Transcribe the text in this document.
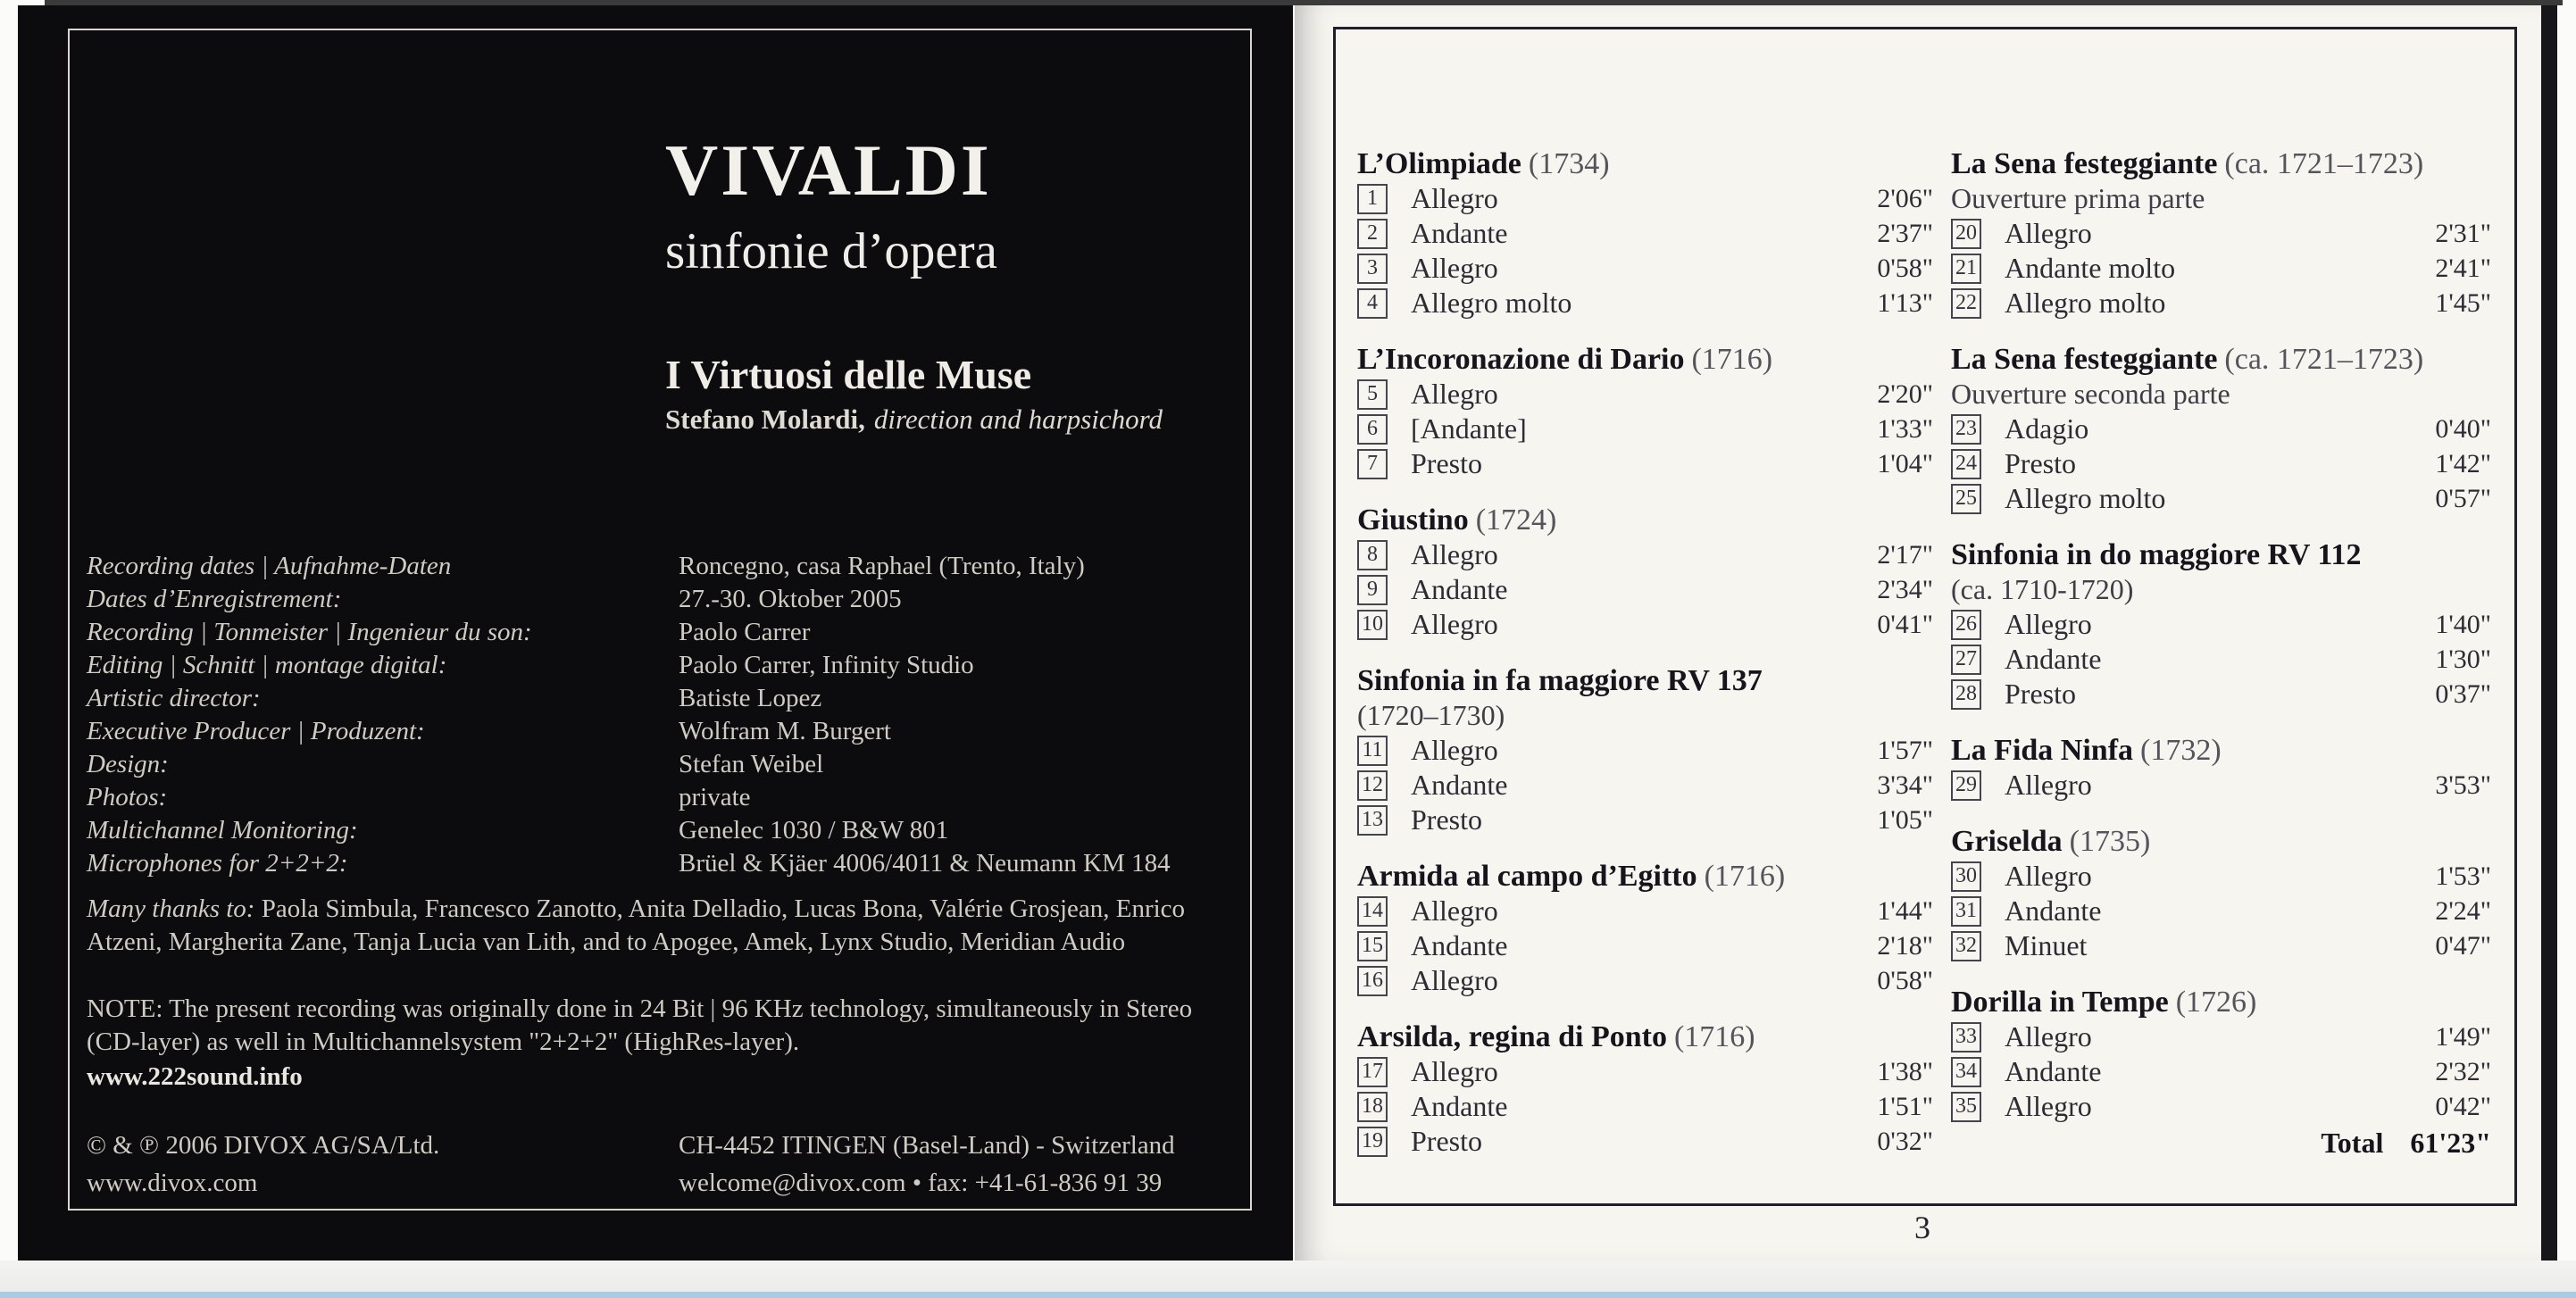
VIVALDI
sinfonie d’opera
I Virtuosi delle Muse
Stefano Molardi, direction and harpsichord
Recording dates | Aufnahme-Daten	Roncegno, casa Raphael (Trento, Italy)
Dates d’Enregistrement:	27.-30. Oktober 2005
Recording | Tonmeister | Ingenieur du son:	Paolo Carrer
Editing | Schnitt | montage digital:	Paolo Carrer, Infinity Studio
Artistic director:	Batiste Lopez
Executive Producer | Produzent:	Wolfram M. Burgert
Design:	Stefan Weibel
Photos:	private
Multichannel Monitoring:	Genelec 1030 / B&W 801
Microphones for 2+2+2:	Brüel & Kjäer 4006/4011 & Neumann KM 184
Many thanks to: Paola Simbula, Francesco Zanotto, Anita Delladio, Lucas Bona, Valérie Grosjean, Enrico Atzeni, Margherita Zane, Tanja Lucia van Lith, and to Apogee, Amek, Lynx Studio, Meridian Audio
NOTE: The present recording was originally done in 24 Bit | 96 KHz technology, simultaneously in Stereo (CD-layer) as well in Multichannelsystem "2+2+2" (HighRes-layer).
www.222sound.info
© & ℗ 2006 DIVOX AG/SA/Ltd.
www.divox.com
CH-4452 ITINGEN (Basel-Land) - Switzerland
welcome@divox.com • fax: +41-61-836 91 39
L’Olimpiade (1734)
1	Allegro	2'06"
2	Andante	2'37"
3	Allegro	0'58"
4	Allegro molto	1'13"
L’Incoronazione di Dario (1716)
5	Allegro	2'20"
6	[Andante]	1'33"
7	Presto	1'04"
Giustino (1724)
8	Allegro	2'17"
9	Andante	2'34"
10 Allegro	0'41"
Sinfonia in fa maggiore RV 137
(1720–1730)
11 Allegro	1'57"
12 Andante	3'34"
13 Presto	1'05"
Armida al campo d’Egitto (1716)
14 Allegro	1'44"
15 Andante	2'18"
16 Allegro	0'58"
Arsilda, regina di Ponto (1716)
17 Allegro	1'38"
18 Andante	1'51"
19 Presto	0'32"
La Sena festeggiante (ca. 1721–1723)
Ouverture prima parte
20 Allegro	2'31"
21 Andante molto	2'41"
22 Allegro molto	1'45"
La Sena festeggiante (ca. 1721–1723)
Ouverture seconda parte
23 Adagio	0'40"
24 Presto	1'42"
25 Allegro molto	0'57"
Sinfonia in do maggiore RV 112
(ca. 1710-1720)
26 Allegro	1'40"
27 Andante	1'30"
28 Presto	0'37"
La Fida Ninfa (1732)
29 Allegro	3'53"
Griselda (1735)
30 Allegro	1'53"
31 Andante	2'24"
32 Minuet	0'47"
Dorilla in Tempe (1726)
33 Allegro	1'49"
34 Andante	2'32"
35 Allegro	0'42"
Total 61'23"
3
